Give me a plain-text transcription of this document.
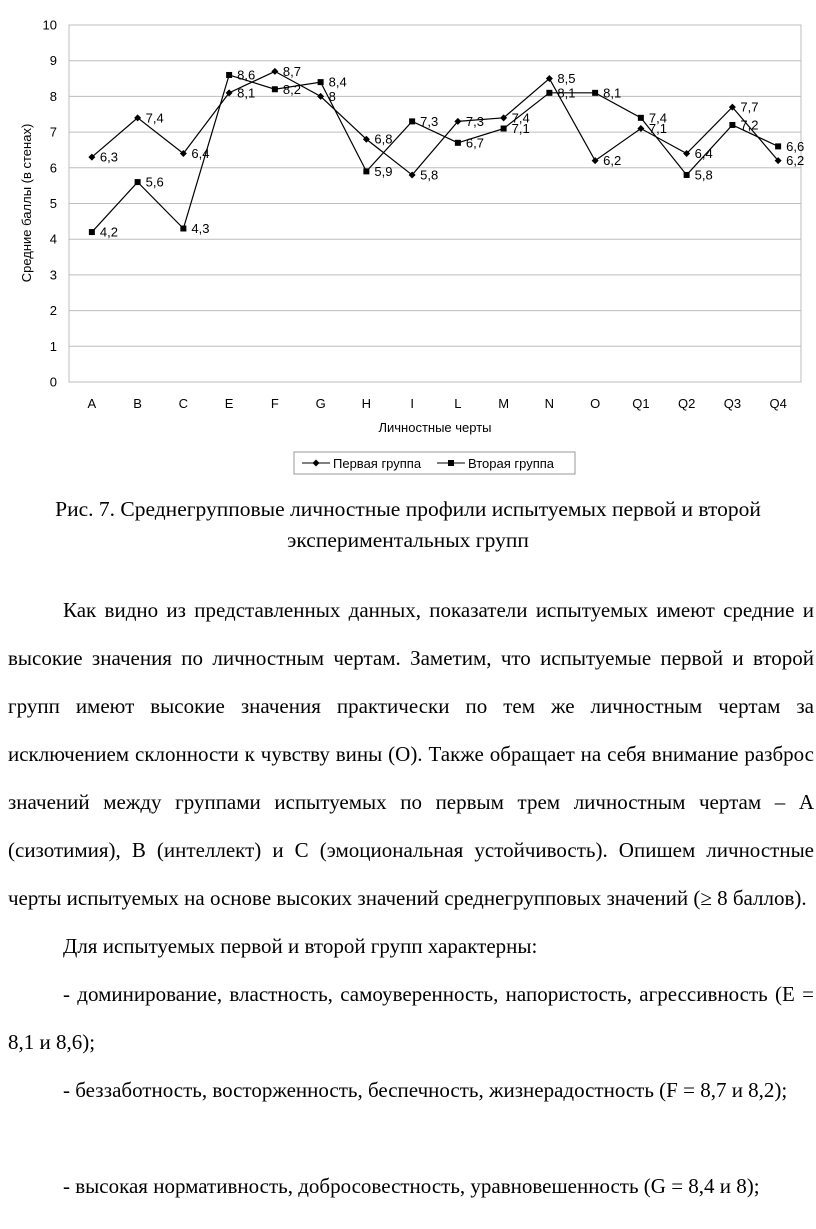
0
1
2
3
4
5
6
7
8
9
10
A	B	C	E	F	G	H	I	L	M	N	O Q1 Q2 Q3 Q4
6,3
7,4
6,4
8,1
8,7
8
6,8
5,8
7,3 7,4
8,5
6,2
7,1
6,4
7,7
6,2
4,2
5,6
4,3
8,6
8,2 8,4
5,9
7,3
6,7
7,1
8,1 8,1
7,4
5,8
7,2
6,6
Средние баллы (в стенах)
Личностные черты
Первая группа	Вторая группа
Рис. 7. Среднегрупповые личностные профили испытуемых первой и второй
экспериментальных групп
Как видно из представленных данных, показатели испытуемых имеют средние и высокие значения по личностным чертам. Заметим, что испытуемые первой и второй групп имеют высокие значения практически по тем же личностным чертам за исключением склонности к чувству вины (О). Также обращает на себя внимание разброс значений между группами испытуемых по первым трем личностным чертам – А (сизотимия), В (интеллект) и С (эмоциональная устойчивость). Опишем личностные черты испытуемых на основе высоких значений среднегрупповых значений (≥ 8 баллов).
Для испытуемых первой и второй групп характерны:
- доминирование, властность, самоуверенность, напористость, агрессивность (Е = 8,1 и 8,6);
- беззаботность, восторженность, беспечность, жизнерадостность (F = 8,7 и 8,2);
- высокая нормативность, добросовестность, уравновешенность (G = 8,4 и 8);
